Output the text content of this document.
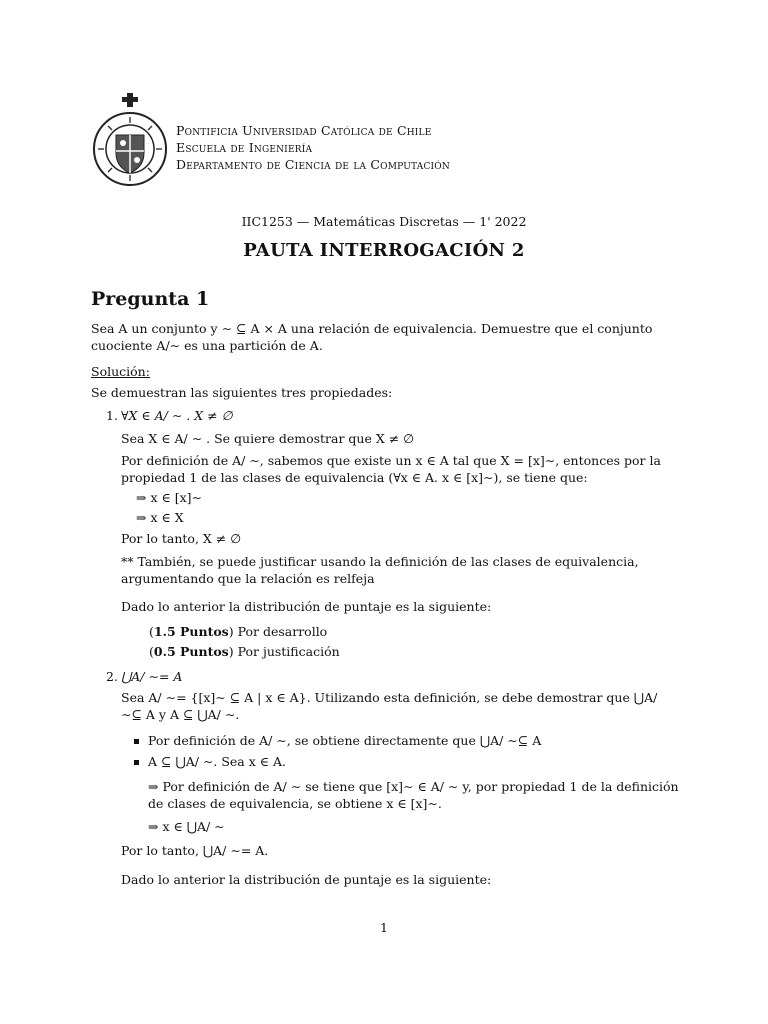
Pontificia Universidad Católica de Chile
Escuela de Ingeniería
Departamento de Ciencia de la Computación
IIC1253 — Matemáticas Discretas — 1' 2022
PAUTA INTERROGACIÓN 2
Pregunta 1
Sea A un conjunto y ∼ ⊆ A × A una relación de equivalencia. Demuestre que el conjunto cuociente A/∼ es una partición de A.
Solución:
Se demuestran las siguientes tres propiedades:
1. ∀X ∈ A/ ∼ . X ≠ ∅
Sea X ∈ A/ ∼ . Se quiere demostrar que X ≠ ∅
Por definición de A/ ∼, sabemos que existe un x ∈ A tal que X = [x]∼, entonces por la propiedad 1 de las clases de equivalencia (∀x ∈ A. x ∈ [x]∼), se tiene que:
⇒ x ∈ [x]∼
⇒ x ∈ X
Por lo tanto, X ≠ ∅
** También, se puede justificar usando la definición de las clases de equivalencia, argumentando que la relación es relfeja
Dado lo anterior la distribución de puntaje es la siguiente:
(1.5 Puntos) Por desarrollo
(0.5 Puntos) Por justificación
2. ⋃A/ ∼= A
Sea A/ ∼= {[x]∼ ⊆ A | x ∈ A}. Utilizando esta definición, se debe demostrar que ⋃A/ ∼⊆ A y A ⊆ ⋃A/ ∼.
Por definición de A/ ∼, se obtiene directamente que ⋃A/ ∼⊆ A
A ⊆ ⋃A/ ∼. Sea x ∈ A.
⇒ Por definición de A/ ∼ se tiene que [x]∼ ∈ A/ ∼ y, por propiedad 1 de la definición de clases de equivalencia, se obtiene x ∈ [x]∼.
⇒ x ∈ ⋃A/ ∼
Por lo tanto, ⋃A/ ∼= A.
Dado lo anterior la distribución de puntaje es la siguiente:
1
